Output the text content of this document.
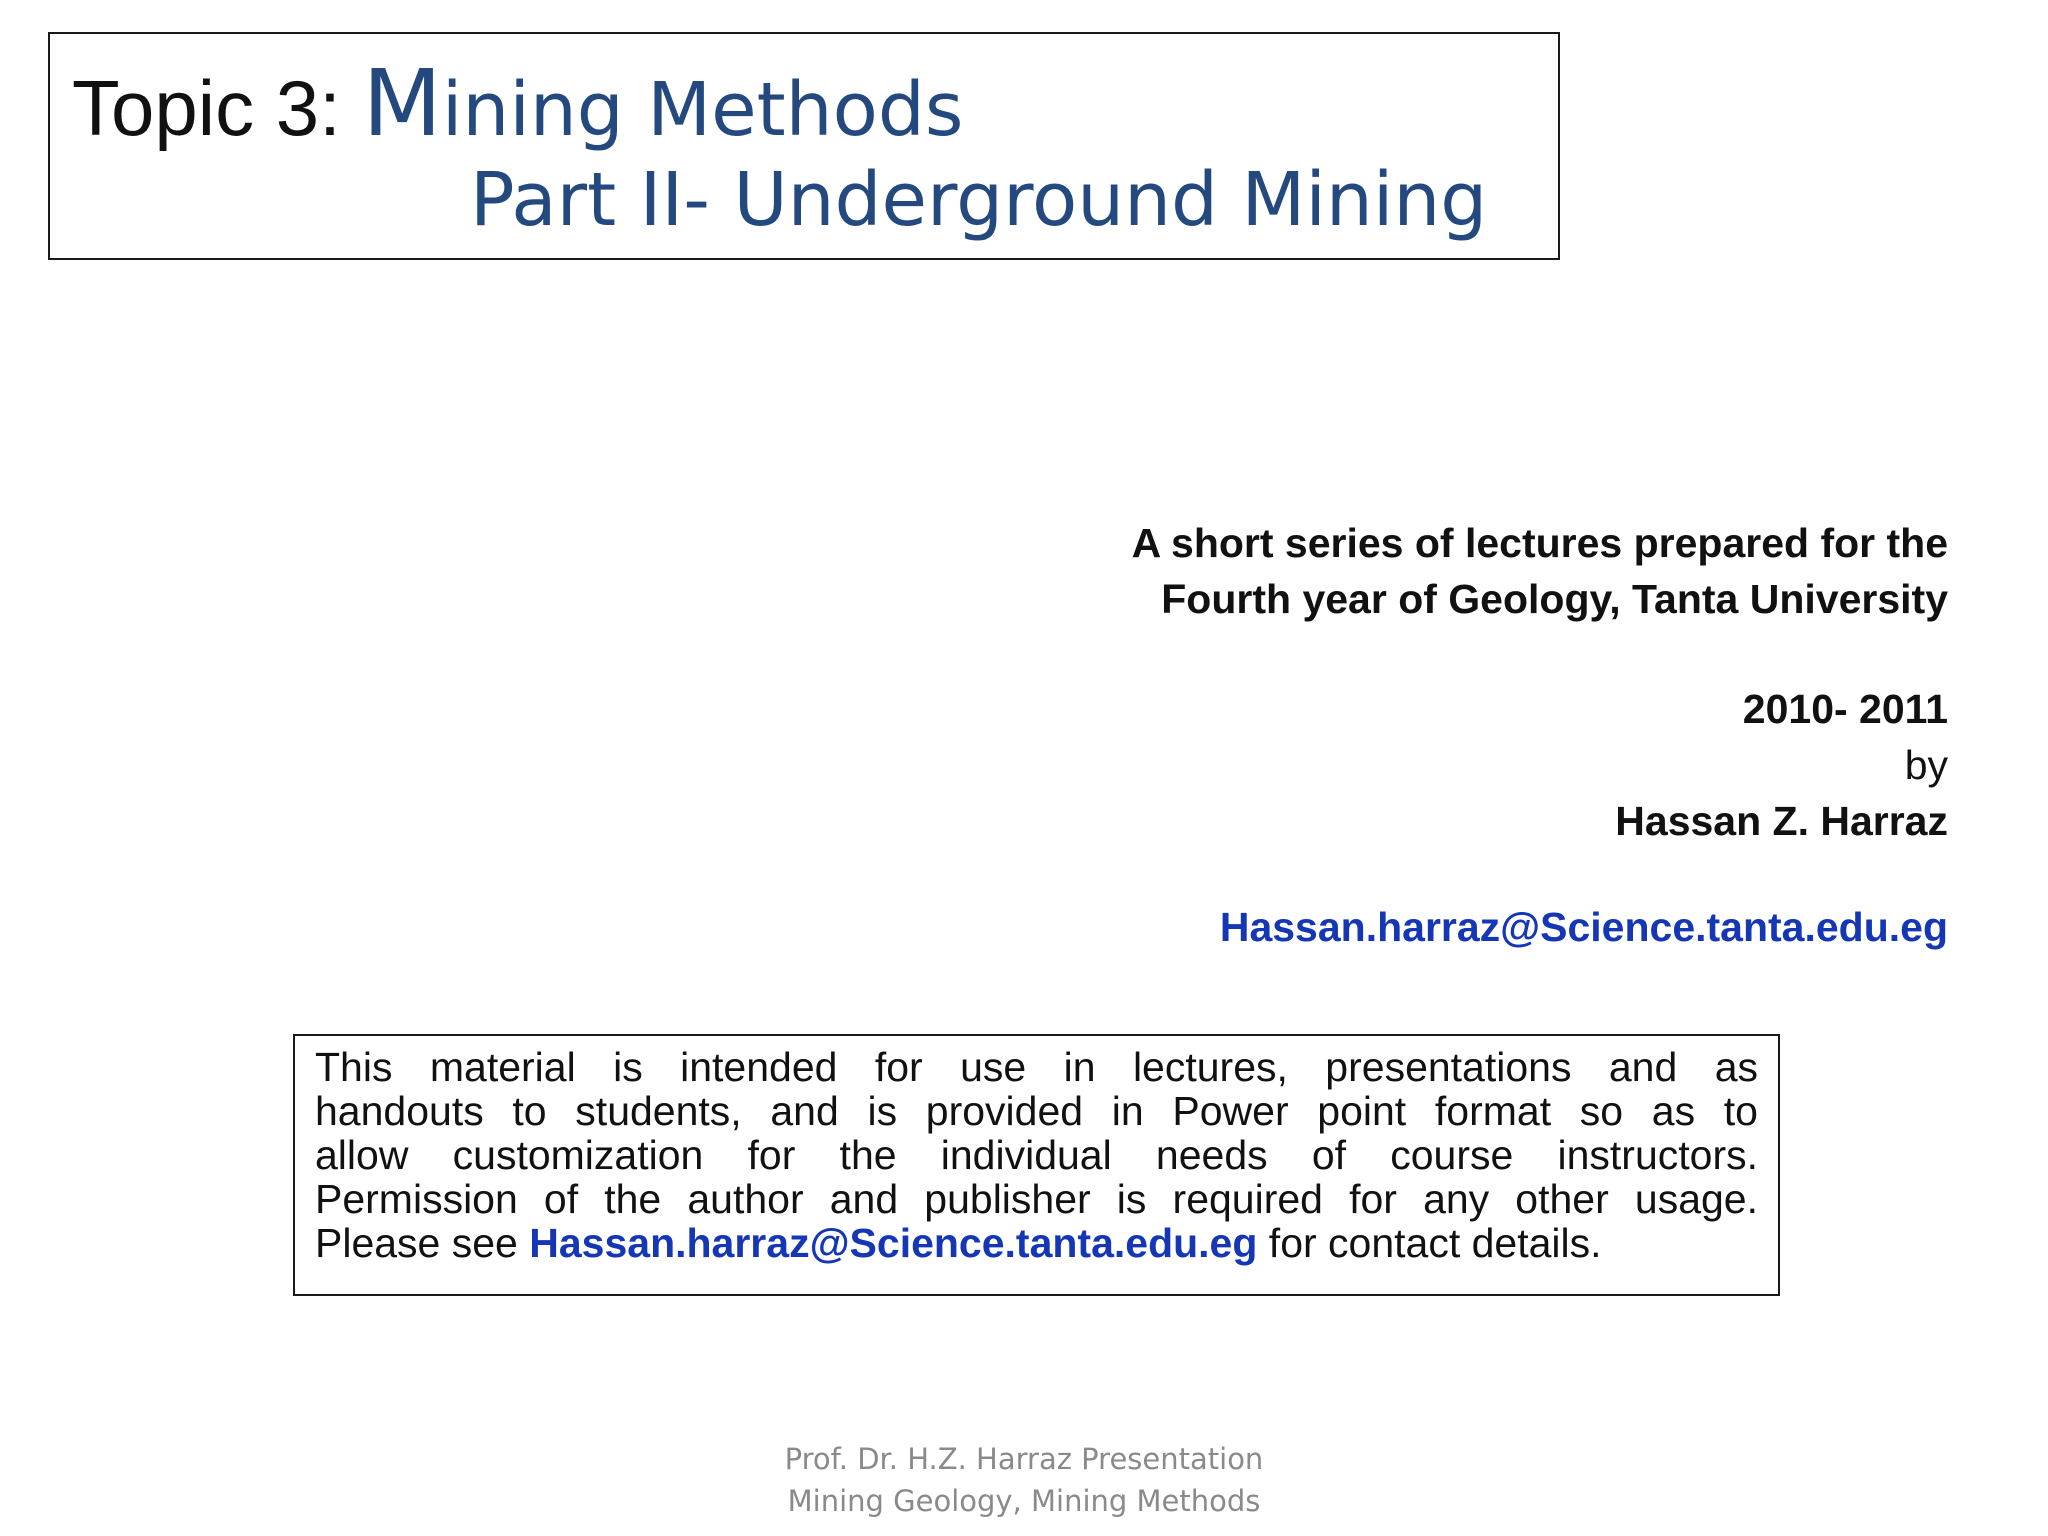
Topic 3: Mining Methods
Part II- Underground Mining
A short series of lectures prepared for the
Fourth year of Geology, Tanta University
2010- 2011
by
Hassan Z. Harraz
Hassan.harraz@Science.tanta.edu.eg
This material is intended for use in lectures, presentations and as
handouts to students, and is provided in Power point format so as to
allow customization for the individual needs of course instructors.
Permission of the author and publisher is required for any other usage.
Please see Hassan.harraz@Science.tanta.edu.eg for contact details.
Prof. Dr. H.Z. Harraz Presentation
Mining Geology, Mining Methods
